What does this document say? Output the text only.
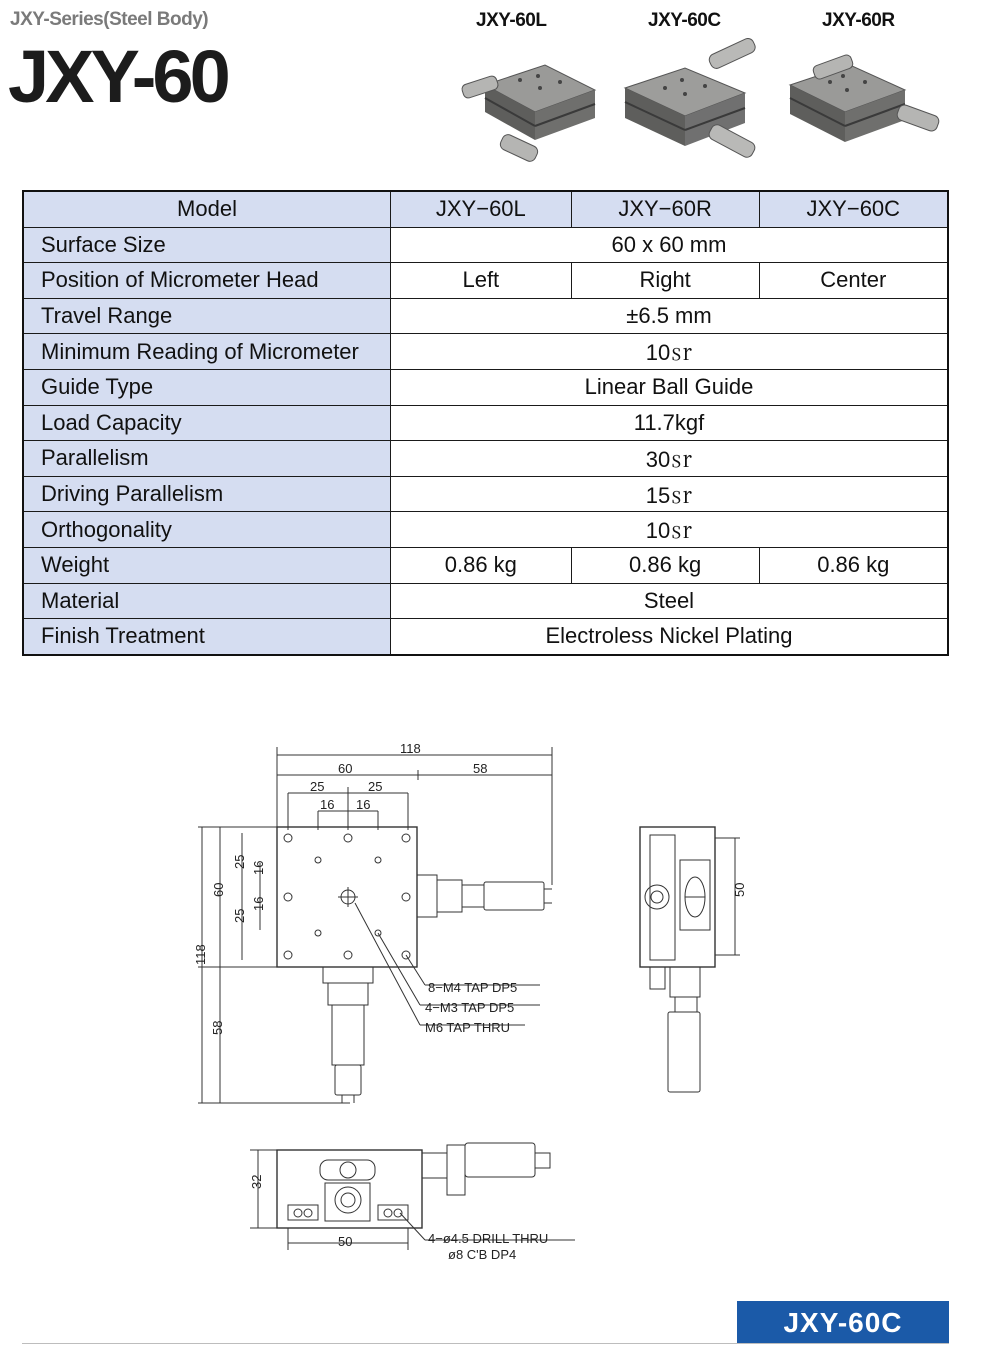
JXY-Series(Steel Body)
JXY-60
JXY-60L	JXY-60C	JXY-60R
Model	JXY−60L	JXY−60R	JXY−60C
Surface Size	60 x 60 mm		
Position of Micrometer Head	Left	Right	Center
Travel Range	±6.5 mm		
Minimum Reading of Micrometer	10㏛		
Guide Type	Linear Ball Guide		
Load Capacity	11.7kgf		
Parallelism	30㏛		
Driving Parallelism	15㏛		
Orthogonality	10㏛		
Weight	0.86 kg	0.86 kg	0.86 kg
Material	Steel		
Finish Treatment	Electroless Nickel Plating		
118
60	58
25	25
16 16
118
60
58
25
25
16
16
8−M4 TAP DP5
4−M3 TAP DP5
M6 TAP THRU
50
32
50	4−ø4.5 DRILL THRU
ø8 C'B DP4
JXY-60C
